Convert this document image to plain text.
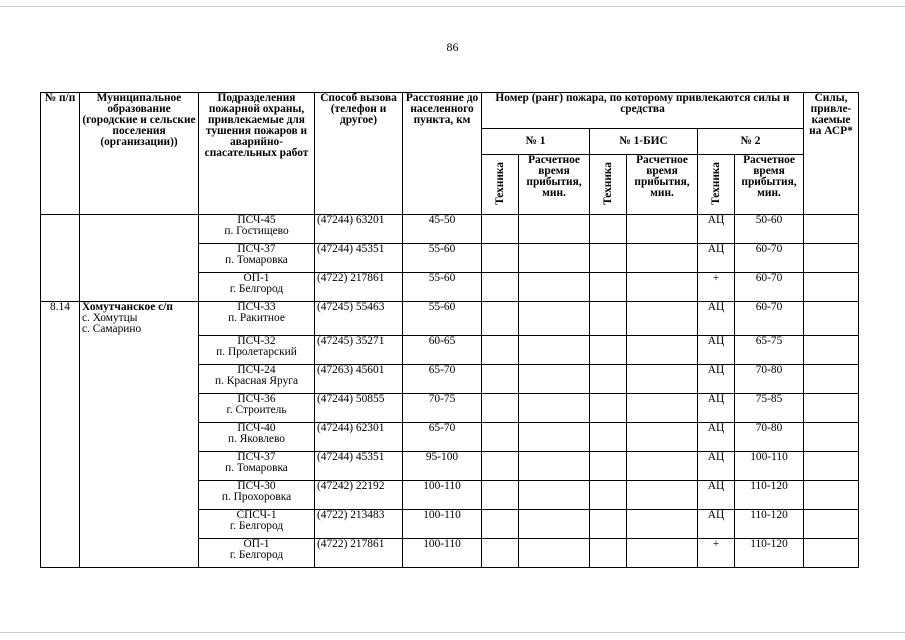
86
№ п/п	Муниципальное образование (городские и сельские поселения (организации))	Подразделения пожарной охраны, привлекаемые для тушения пожаров и аварийно-спасательных работ	Способ вызова (телефон и другое)	Расстояние до населенного пункта, км	Номер (ранг) пожара, по которому привлекаются силы и средства						Силы, привле-каемые на АСР*
					№ 1		№ 1-БИС		№ 2		
					Техника	Расчетное время прибытия, мин.	Техника	Расчетное время прибытия, мин.	Техника	Расчетное время прибытия, мин.	

		ПСЧ-45
п. Гостищево	(47244) 63201	45-50					АЦ	50-60	

		ПСЧ-37
п. Томаровка	(47244) 45351	55-60					АЦ	60-70	

		ОП-1
г. Белгород	(4722) 217861	55-60					+	60-70	
8.14	Хомутчанское с/п
с. Хомутцы
с. Самарино	ПСЧ-33
п. Ракитное	(47245) 55463	55-60					АЦ	60-70	

		ПСЧ-32
п. Пролетарский	(47245) 35271	60-65					АЦ	65-75	

		ПСЧ-24
п. Красная Яруга	(47263) 45601	65-70					АЦ	70-80	

		ПСЧ-36
г. Строитель	(47244) 50855	70-75					АЦ	75-85	

		ПСЧ-40
п. Яковлево	(47244) 62301	65-70					АЦ	70-80	

		ПСЧ-37
п. Томаровка	(47244) 45351	95-100					АЦ	100-110	

		ПСЧ-30
п. Прохоровка	(47242) 22192	100-110					АЦ	110-120	

		СПСЧ-1
г. Белгород	(4722) 213483	100-110					АЦ	110-120	

		ОП-1
г. Белгород	(4722) 217861	100-110					+	110-120	
